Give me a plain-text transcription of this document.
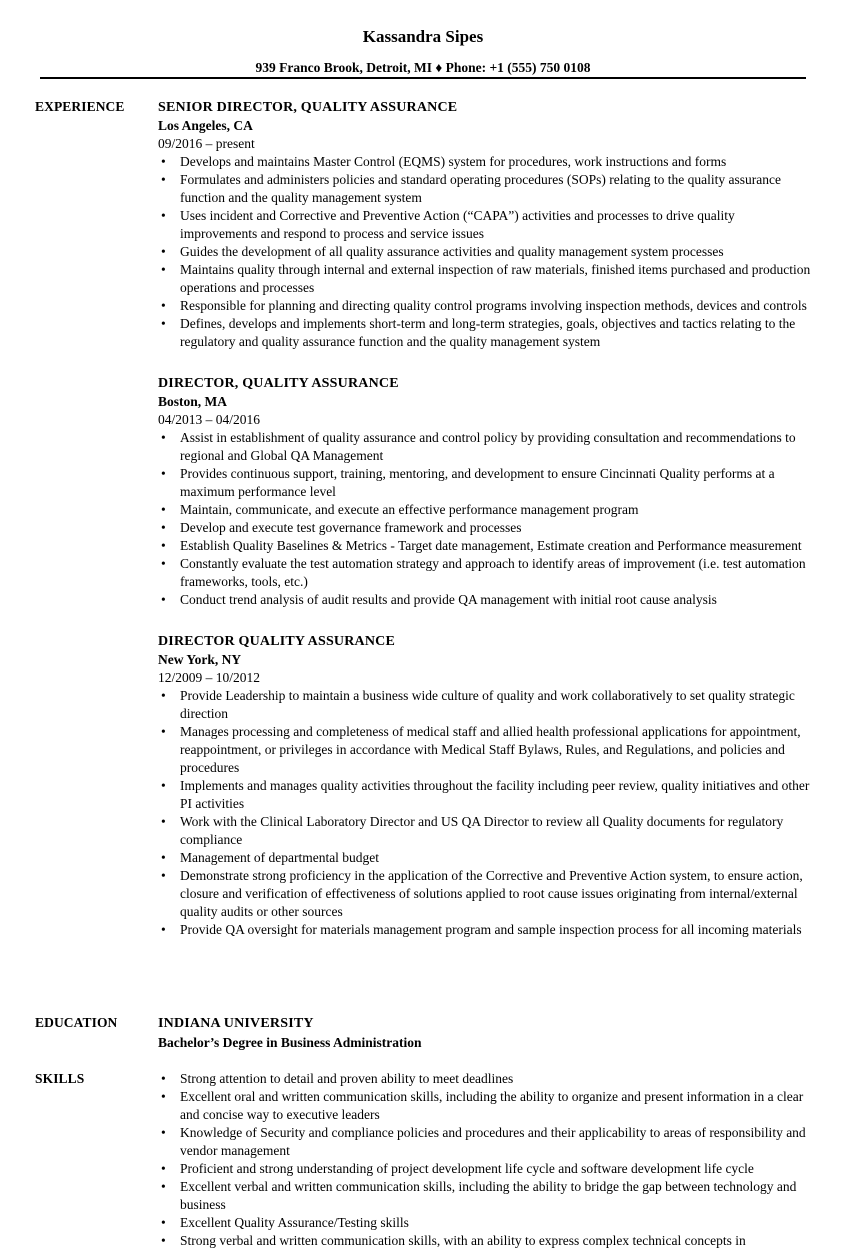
Kassandra Sipes
939 Franco Brook, Detroit, MI ♦ Phone: +1 (555) 750 0108
EXPERIENCE SENIOR DIRECTOR, QUALITY ASSURANCE
Los Angeles, CA
09/2016 – present
• Develops and maintains Master Control (EQMS) system for procedures, work instructions and forms
• Formulates and administers policies and standard operating procedures (SOPs) relating to the quality assurance function and the quality management system
• Uses incident and Corrective and Preventive Action (“CAPA”) activities and processes to drive quality improvements and respond to process and service issues
• Guides the development of all quality assurance activities and quality management system processes
• Maintains quality through internal and external inspection of raw materials, finished items purchased and production operations and processes
• Responsible for planning and directing quality control programs involving inspection methods, devices and controls
• Defines, develops and implements short-term and long-term strategies, goals, objectives and tactics relating to the regulatory and quality assurance function and the quality management system
DIRECTOR, QUALITY ASSURANCE
Boston, MA
04/2013 – 04/2016
• Assist in establishment of quality assurance and control policy by providing consultation and recommendations to regional and Global QA Management
• Provides continuous support, training, mentoring, and development to ensure Cincinnati Quality performs at a maximum performance level
• Maintain, communicate, and execute an effective performance management program
• Develop and execute test governance framework and processes
• Establish Quality Baselines & Metrics - Target date management, Estimate creation and Performance measurement
• Constantly evaluate the test automation strategy and approach to identify areas of improvement (i.e. test automation frameworks, tools, etc.)
• Conduct trend analysis of audit results and provide QA management with initial root cause analysis
DIRECTOR QUALITY ASSURANCE
New York, NY
12/2009 – 10/2012
• Provide Leadership to maintain a business wide culture of quality and work collaboratively to set quality strategic direction
• Manages processing and completeness of medical staff and allied health professional applications for appointment, reappointment, or privileges in accordance with Medical Staff Bylaws, Rules, and Regulations, and policies and procedures
• Implements and manages quality activities throughout the facility including peer review, quality initiatives and other PI activities
• Work with the Clinical Laboratory Director and US QA Director to review all Quality documents for regulatory compliance
• Management of departmental budget
• Demonstrate strong proficiency in the application of the Corrective and Preventive Action system, to ensure action, closure and verification of effectiveness of solutions applied to root cause issues originating from internal/external quality audits or other sources
• Provide QA oversight for materials management program and sample inspection process for all incoming materials
EDUCATION	INDIANA UNIVERSITY
Bachelor’s Degree in Business Administration
SKILLS
•	Strong attention to detail and proven ability to meet deadlines
• Excellent oral and written communication skills, including the ability to organize and present information in a clear and concise way to executive leaders
• Knowledge of Security and compliance policies and procedures and their applicability to areas of responsibility and vendor management
• Proficient and strong understanding of project development life cycle and software development life cycle
• Excellent verbal and written communication skills, including the ability to bridge the gap between technology and business
• Excellent Quality Assurance/Testing skills
• Strong verbal and written communication skills, with an ability to express complex technical concepts in
